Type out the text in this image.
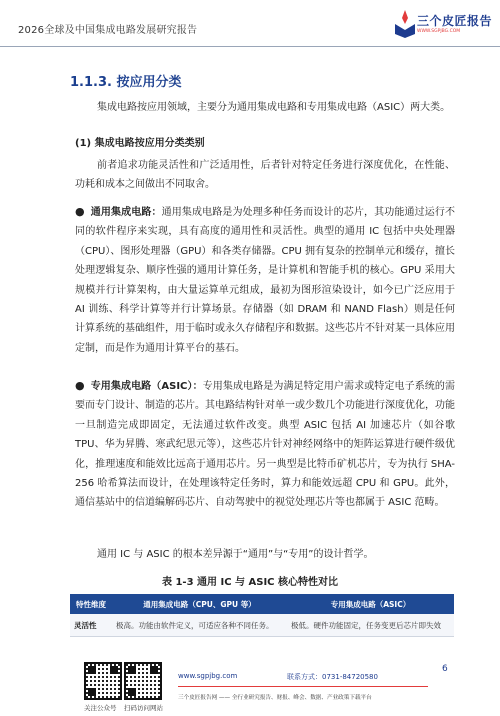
2026全球及中国集成电路发展研究报告
三个皮匠报告
WWW.SGPJBG.COM
1.1.3. 按应用分类
集成电路按应用领域，主要分为通用集成电路和专用集成电路（ASIC）两大类。
(1) 集成电路按应用分类类别
前者追求功能灵活性和广泛适用性，后者针对特定任务进行深度优化，在性能、功耗和成本之间做出不同取舍。
● 通用集成电路：通用集成电路是为处理多种任务而设计的芯片，其功能通过运行不同的软件程序来实现，具有高度的通用性和灵活性。典型的通用 IC 包括中央处理器（CPU）、图形处理器（GPU）和各类存储器。CPU 拥有复杂的控制单元和缓存，擅长处理逻辑复杂、顺序性强的通用计算任务，是计算机和智能手机的核心。GPU 采用大规模并行计算架构，由大量运算单元组成，最初为图形渲染设计，如今已广泛应用于 AI 训练、科学计算等并行计算场景。存储器（如 DRAM 和 NAND Flash）则是任何计算系统的基础组件，用于临时或永久存储程序和数据。这些芯片不针对某一具体应用定制，而是作为通用计算平台的基石。
● 专用集成电路（ASIC）：专用集成电路是为满足特定用户需求或特定电子系统的需要而专门设计、制造的芯片。其电路结构针对单一或少数几个功能进行深度优化，功能一旦制造完成即固定，无法通过软件改变。典型 ASIC 包括 AI 加速芯片（如谷歌 TPU、华为昇腾、寒武纪思元等），这些芯片针对神经网络中的矩阵运算进行硬件级优化，推理速度和能效比远高于通用芯片。另一典型是比特币矿机芯片，专为执行 SHA-256 哈希算法而设计，在处理该特定任务时，算力和能效远超 CPU 和 GPU。此外，通信基站中的信道编解码芯片、自动驾驶中的视觉处理芯片等也都属于 ASIC 范畴。
通用 IC 与 ASIC 的根本差异源于“通用”与“专用”的设计哲学。
表 1-3 通用 IC 与 ASIC 核心特性对比
特性维度	通用集成电路（CPU、GPU 等）	专用集成电路（ASIC）
灵活性	极高。功能由软件定义，可适应各种不同任务。	极低。硬件功能固定，任务变更后芯片即失效
关注公众号 扫码访问网站
www.sgpjbg.com	联系方式：0731-84720580
三个皮匠报告网 —— 全行业研究报告、财报、峰会、数据、产业政策下载平台
6
